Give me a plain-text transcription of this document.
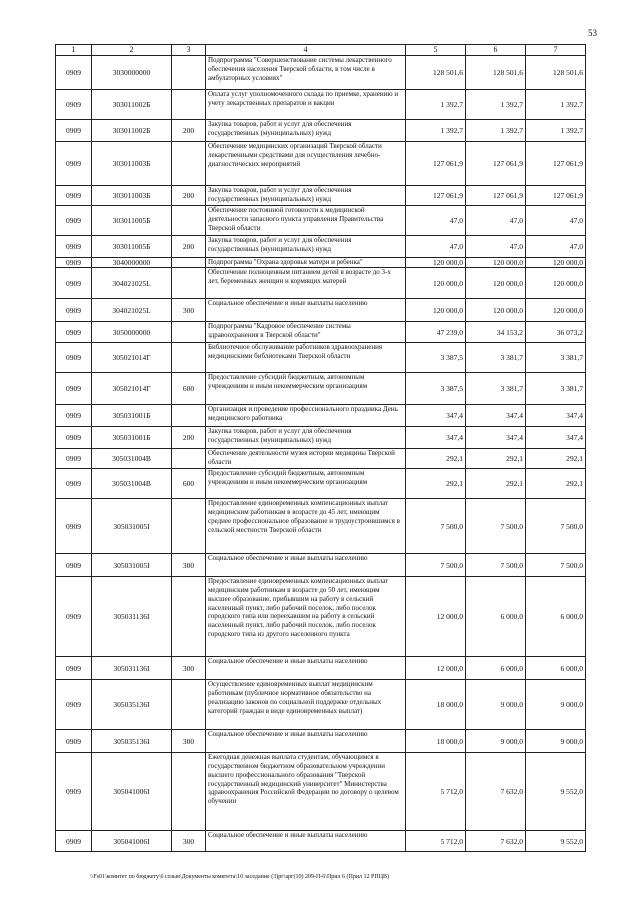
53
1	2	3	4	5	6	7
0909	3030000000		Подпрограмма "Совершенствование системы лекарственного обеспечения населения Тверской области, в том числе в амбулаторных условиях"	128 501,6	128 501,6	128 501,6
0909	303011002Б		Оплата услуг уполномоченного склада по приемке, хранению и учету лекарственных препаратов и вакцин	1 392,7	1 392,7	1 392,7
0909	303011002Б	200	Закупка товаров, работ и услуг для обеспечения государственных (муниципальных) нужд	1 392,7	1 392,7	1 392,7
0909	303011003Б		Обеспечение медицинских организаций Тверской области лекарственными средствами для осуществления лечебно-диагностических мероприятий	127 061,9	127 061,9	127 061,9
0909	303011003Б	200	Закупка товаров, работ и услуг для обеспечения государственных (муниципальных) нужд	127 061,9	127 061,9	127 061,9
0909	303011005Б		Обеспечение постоянной готовности к медицинской деятельности запасного пункта управления Правительства Тверской области	47,0	47,0	47,0
0909	303011005Б	200	Закупка товаров, работ и услуг для обеспечения государственных (муниципальных) нужд	47,0	47,0	47,0
0909	3040000000		Подпрограмма "Охрана здоровья матери и ребенка"	120 000,0	120 000,0	120 000,0
0909	304021025L		Обеспечение полноценным питанием детей в возрасте до 3-х лет, беременных женщин и кормящих матерей	120 000,0	120 000,0	120 000,0
0909	304021025L	300	Социальное обеспечение и иные выплаты населению	120 000,0	120 000,0	120 000,0
0909	3050000000		Подпрограмма "Кадровое обеспечение системы здравоохранения в Тверской области"	47 239,0	34 153,2	36 073,2
0909	305021014Г		Библиотечное обслуживание работников здравоохранения медицинскими библиотеками Тверской области	3 387,5	3 381,7	3 381,7
0909	305021014Г	600	Предоставление субсидий бюджетным, автономным учреждениям и иным некоммерческим организациям	3 387,5	3 381,7	3 381,7
0909	305031001Б		Организация и проведение профессионального праздника День медицинского работника	347,4	347,4	347,4
0909	305031001Б	200	Закупка товаров, работ и услуг для обеспечения государственных (муниципальных) нужд	347,4	347,4	347,4
0909	305031004В		Обеспечение деятельности музея истории медицины Тверской области	292,1	292,1	292,1
0909	305031004В	600	Предоставление субсидий бюджетным, автономным учреждениям и иным некоммерческим организациям	292,1	292,1	292,1
0909	305031005I		Предоставление единовременных компенсационных выплат медицинским работникам в возрасте до 45 лет, имеющим среднее профессиональное образование и трудоустроившимся в сельской местности Тверской области	7 500,0	7 500,0	7 500,0
0909	305031005I	300	Социальное обеспечение и иные выплаты населению	7 500,0	7 500,0	7 500,0
0909	305031136I		Предоставление единовременных компенсационных выплат медицинским работникам в возрасте до 50 лет, имеющим высшее образование, прибывшим на работу в сельский населенный пункт, либо рабочий поселок, либо поселок городского типа или переехавшим на работу в сельский населенный пункт, либо рабочий поселок, либо поселок городского типа из другого населенного пункта	12 000,0	6 000,0	6 000,0
0909	305031136I	300	Социальное обеспечение и иные выплаты населению	12 000,0	6 000,0	6 000,0
0909	305035136I		Осуществление единовременных выплат медицинским работникам (публичное нормативное обязательство на реализацию законов по социальной поддержке отдельных категорий граждан в виде единовременных выплат)	18 000,0	9 000,0	9 000,0
0909	305035136I	300	Социальное обеспечение и иные выплаты населению	18 000,0	9 000,0	9 000,0
0909	305041006I		Ежегодная денежная выплата студентам, обучающимся в государственном бюджетном образовательном учреждении высшего профессионального образования "Тверской государственный медицинский университет" Министерства здравоохранения Российской Федерации по договору о целевом обучении	5 712,0	7 632,0	9 552,0
0909	305041006I	300	Социальное обеспечение и иные выплаты населению	5 712,0	7 632,0	9 552,0
\\Fs01\комитет по бюджету\6 созыв\Документы комитета\10 заседание (3)рг\арг(10) 209-П-6\Прил 6 (Прил 12 РПЦВ)
